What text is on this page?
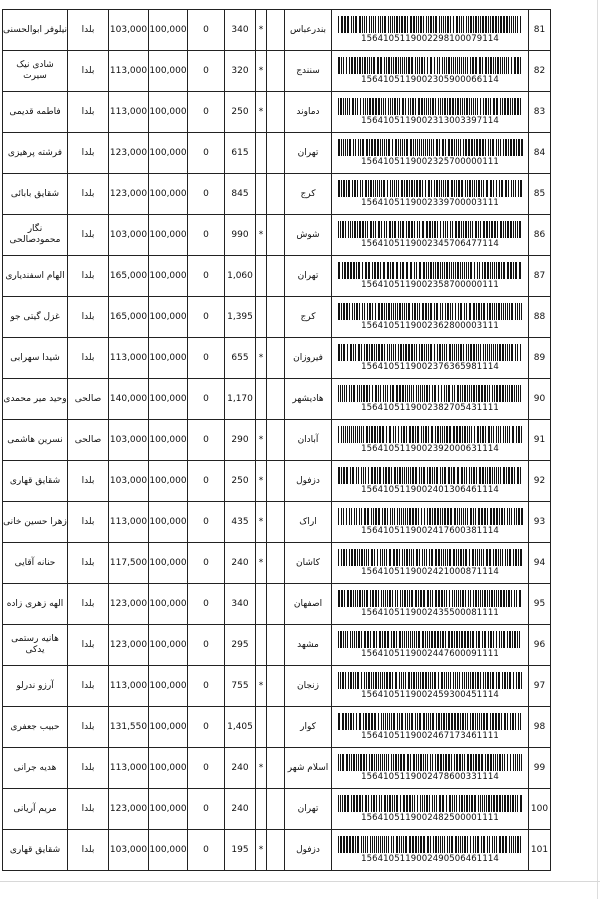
نیلوفر ابوالحسنی	بلدا	103,000	100,000	0	340	*		بندرعباس	1564105119002298100079114	81
شادی نیک سیرت	بلدا	113,000	100,000	0	320	*		سنندج	1564105119002305900066114	82
فاطمه قدیمی	بلدا	113,000	100,000	0	250	*		دماوند	1564105119002313003397114	83
فرشته پرهیزی	بلدا	123,000	100,000	0	615			تهران	1564105119002325700000111	84
شقایق بابائی	بلدا	123,000	100,000	0	845			کرج	1564105119002339700003111	85
نگار محمودصالحی	بلدا	103,000	100,000	0	990	*		شوش	1564105119002345706477114	86
الهام اسفندیاری	بلدا	165,000	100,000	0	1,060			تهران	1564105119002358700000111	87
غزل گیتی جو	بلدا	165,000	100,000	0	1,395			کرج	1564105119002362800003111	88
شیدا سهرابی	بلدا	113,000	100,000	0	655	*		فیروزان	1564105119002376365981114	89
وحید میر محمدی	صالحی	140,000	100,000	0	1,170			هادیشهر	1564105119002382705431111	90
نسرین هاشمی	صالحی	103,000	100,000	0	290	*		آبادان	1564105119002392000631114	91
شقایق قهاری	بلدا	103,000	100,000	0	250	*		دزفول	1564105119002401306461114	92
زهرا حسین خانی	بلدا	113,000	100,000	0	435	*		اراک	1564105119002417600381114	93
حنانه آقایی	بلدا	117,500	100,000	0	240	*		کاشان	1564105119002421000871114	94
الهه زهری زاده	بلدا	123,000	100,000	0	340			اصفهان	1564105119002435500081111	95
هانیه رستمی یدکی	بلدا	123,000	100,000	0	295			مشهد	1564105119002447600091111	96
آرزو ندرلو	بلدا	113,000	100,000	0	755	*		زنجان	1564105119002459300451114	97
حبیب جعفری	بلدا	131,550	100,000	0	1,405			کوار	1564105119002467173461111	98
هدیه جرانی	بلدا	113,000	100,000	0	240	*		اسلام شهر	1564105119002478600331114	99
مریم آریانی	بلدا	123,000	100,000	0	240			تهران	1564105119002482500001111	100
شقایق قهاری	بلدا	103,000	100,000	0	195	*		دزفول	1564105119002490506461114	101
